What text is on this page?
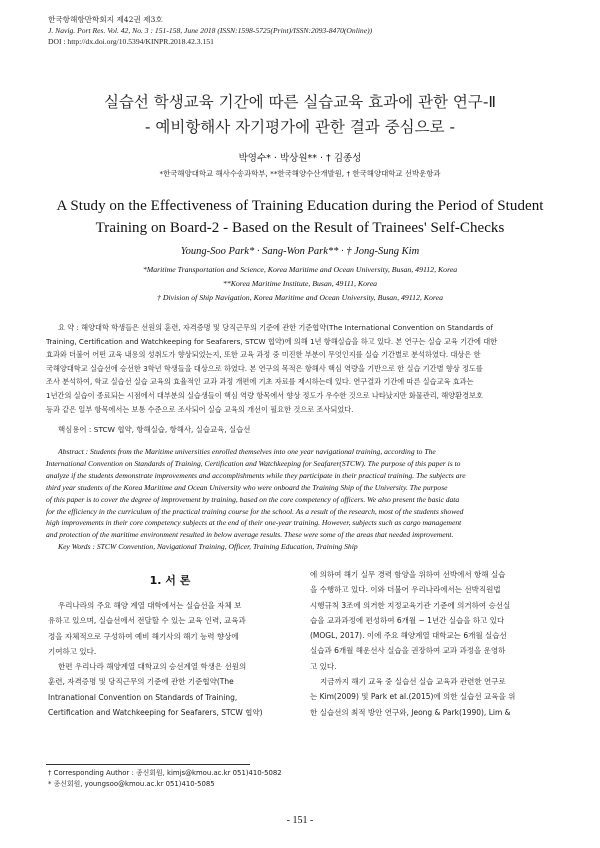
한국항해항만학회지 제42권 제3호
J. Navig. Port Res. Vol. 42, No. 3 : 151-158, June 2018 (ISSN:1598-5725(Print)/ISSN:2093-8470(Online))
DOI : http://dx.doi.org/10.5394/KINPR.2018.42.3.151
실습선 학생교육 기간에 따른 실습교육 효과에 관한 연구-Ⅱ
- 예비항해사 자기평가에 관한 결과 중심으로 -
박영수* · 박상원** · † 김종성
*한국해양대학교 해사수송과학부, **한국해양수산개발원, † 한국해양대학교 선박운항과
A Study on the Effectiveness of Training Education during the Period of Student
Training on Board-2 - Based on the Result of Trainees' Self-Checks
Young-Soo Park* · Sang-Won Park** · † Jong-Sung Kim
*Maritime Transportation and Science, Korea Maritime and Ocean University, Busan, 49112, Korea
**Korea Maritime Institute, Busan, 49111, Korea
† Division of Ship Navigation, Korea Maritime and Ocean University, Busan, 49112, Korea

요 약 : 해양대학 학생들은 선원의 훈련, 자격증명 및 당직근무의 기준에 관한 기준협약(The International Convention on Standards of

Training, Certification and Watchkeeping for Seafarers, STCW 협약)에 의해 1년 항해실습을 하고 있다. 본 연구는 실습 교육 기간에 대한

효과와 더불어 어떤 교육 내용의 성취도가 향상되었는지, 또한 교육 과정 중 미진한 부분이 무엇인지를 실습 기간별로 분석하였다. 대상은 한

국해양대학교 실습선에 승선한 3학년 학생들을 대상으로 하였다. 본 연구의 목적은 항해사 핵심 역량을 기반으로 한 실습 기간별 향상 정도를

조사 분석하여, 학교 실습선 실습 교육의 효율적인 교과 과정 개편에 기초 자료를 제시하는데 있다. 연구결과 기간에 따른 실습교육 효과는

1년간의 실습이 종료되는 시점에서 대부분의 실습생들이 핵심 역량 항목에서 향상 정도가 우수한 것으로 나타났지만 화물관리, 해양환경보호

등과 같은 일부 항목에서는 보통 수준으로 조사되어 실습 교육의 개선이 필요한 것으로 조사되었다.

핵심용어 : STCW 협약, 항해실습, 항해사, 실습교육, 실습선

Abstract : Students from the Maritime universities enrolled themselves into one year navigational training, according to The

International Convention on Standards of Training, Certification and Watchkeeping for Seafarer(STCW). The purpose of this paper is to

analyze if the students demonstrate improvements and accomplishments while they participate in their practical training. The subjects are

third year students of the Korea Maritime and Ocean University who were onboard the Training Ship of the University. The purpose

of this paper is to cover the degree of improvement by training, based on the core competency of officers. We also present the basic data

for the efficiency in the curriculum of the practical training course for the school. As a result of the research, most of the students showed

high improvements in their core competency subjects at the end of their one-year training. However, subjects such as cargo management

and protection of the maritime environment resulted in below average results. These were some of the areas that needed improvement.

Key Words : STCW Convention, Navigational Training, Officer, Training Education, Training Ship
1. 서 론

우리나라의 주요 해양 계열 대학에서는 실습선을 자체 보

유하고 있으며, 실습선에서 전달할 수 있는 교육 인력, 교육과

정을 자체적으로 구성하여 예비 해기사의 해기 능력 향상에

기여하고 있다.

한편 우리나라 해양계열 대학교의 승선계열 학생은 선원의

훈련, 자격증명 및 당직근무의 기준에 관한 기준협약(The

Intranational Convention on Standards of Training,

Certification and Watchkeeping for Seafarers, STCW 협약)

에 의하여 해기 실무 경력 함양을 위하여 선박에서 항해 실습

을 수행하고 있다. 이와 더불어 우리나라에서는 선박직원법

시행규칙 3조에 의거한 지정교육기관 기준에 의거하여 승선실

습을 교과과정에 편성하여 6개월 ~ 1년간 실습을 하고 있다

(MOGL, 2017). 이에 주요 해양계열 대학교는 6개월 실습선

실습과 6개월 해운선사 실습을 권장하여 교과 과정을 운영하

고 있다.

지금까지 해기 교육 중 실습선 실습 교육과 관련한 연구로

는 Kim(2009) 및 Park et al.(2015)에 의한 실습선 교육을 위

한 실습선의 최적 방안 연구와, Jeong & Park(1990), Lim &

† Corresponding Author : 종신회원, kimjs@kmou.ac.kr 051)410-5082
* 종신회원, youngsoo@kmou.ac.kr 051)410-5085
- 151 -
